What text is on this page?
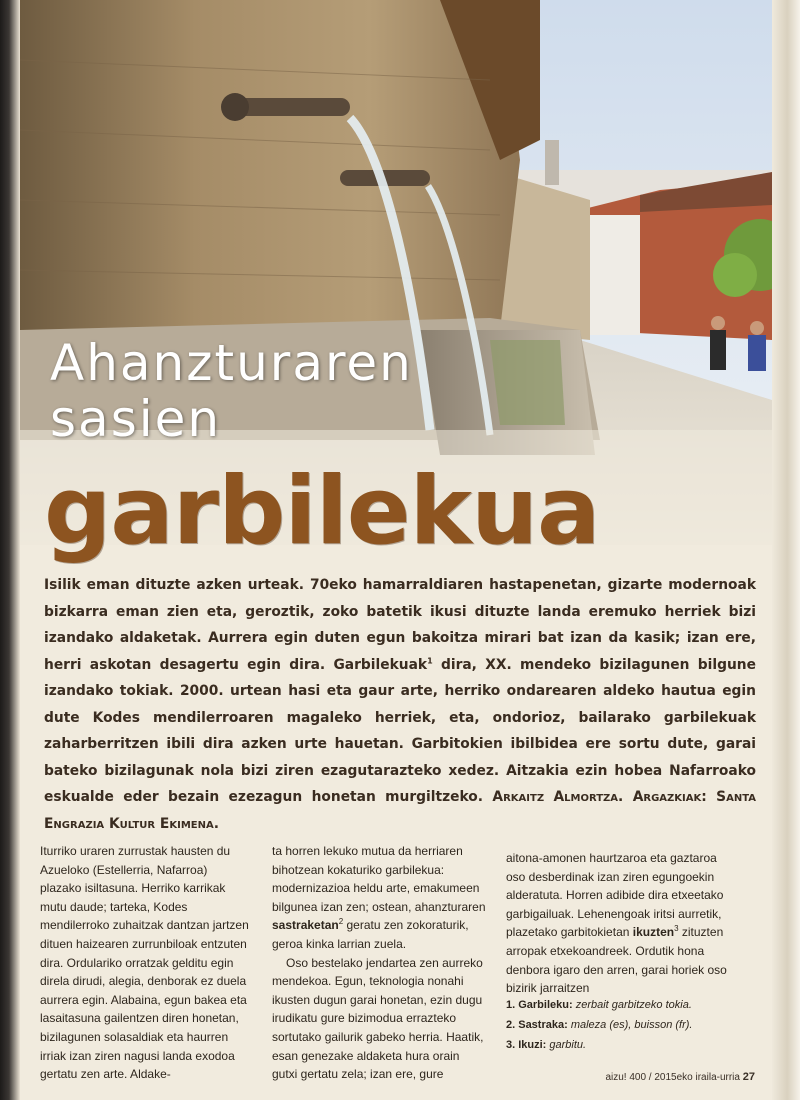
Ahanzturaren
sasien
garbilekua

Isilik eman dituzte azken urteak. 70eko hamarraldiaren hastapenetan, gizarte modernoak bizkarra eman zien eta, geroztik, zoko batetik ikusi dituzte landa eremuko herriek bizi izandako aldaketak. Aurrera egin duten egun bakoitza mirari bat izan da kasik; izan ere, herri askotan desagertu egin dira. Garbilekuak$^1$ dira, XX. mendeko bizilagunen bilgune izandako tokiak. 2000. urtean hasi eta gaur arte, herriko ondarearen aldeko hautua egin dute Kodes mendilerroaren magaleko herriek, eta, ondorioz, bailarako garbilekuak zaharberritzen ibili dira azken urte hauetan. Garbitokien ibilbidea ere sortu dute, garai bateko bizilagunak nola bizi ziren ezagutarazteko xedez. Aitzakia ezin hobea Nafarroako eskualde eder bezain ezezagun honetan murgiltzeko. Arkaitz Almortza. Argazkiak: Santa Engrazia Kultur Ekimena.

Iturriko uraren zurrustak hausten du Azueloko (Estellerria, Nafarroa) plazako isiltasuna. Herriko karrikak mutu daude; tarteka, Kodes mendilerroko zuhaitzak dantzan jartzen dituen haizearen zurrunbiloak entzuten dira. Ordulariko orratzak gelditu egin direla dirudi, alegia, denborak ez duela aurrera egin. Alabaina, egun bakea eta lasaitasuna gailentzen diren honetan, bizilagunen solasaldiak eta haurren irriak izan ziren nagusi landa exodoa gertatu zen arte. Aldake-

ta horren lekuko mutua da herriaren bihotzean kokaturiko garbilekua: modernizazioa heldu arte, emakumeen bilgunea izan zen; ostean, ahanzturaren sastraketan$^2$ geratu zen zokoraturik, geroa kinka larrian zuela.

Oso bestelako jendartea zen aurreko mendekoa. Egun, teknologia nonahi ikusten dugun garai honetan, ezin dugu irudikatu gure bizimodua errazteko sortutako gailurik gabeko herria. Haatik, esan genezake aldaketa hura orain gutxi gertatu zela; izan ere, gure

aitona-amonen haurtzaroa eta gaztaroa oso desberdinak izan ziren egungoekin alderatuta. Horren adibide dira etxeetako garbigailuak. Lehenengoak iritsi aurretik, plazetako garbitokietan ikuzten$^3$ zituzten arropak etxekoandreek. Ordutik hona denbora igaro den arren, garai horiek oso bizirik jarraitzen

1. Garbileku: zerbait garbitzeko tokia.
2. Sastraka: maleza (es), buisson (fr).
3. Ikuzi: garbitu.
aizu! 400 / 2015eko iraila-urria 27
